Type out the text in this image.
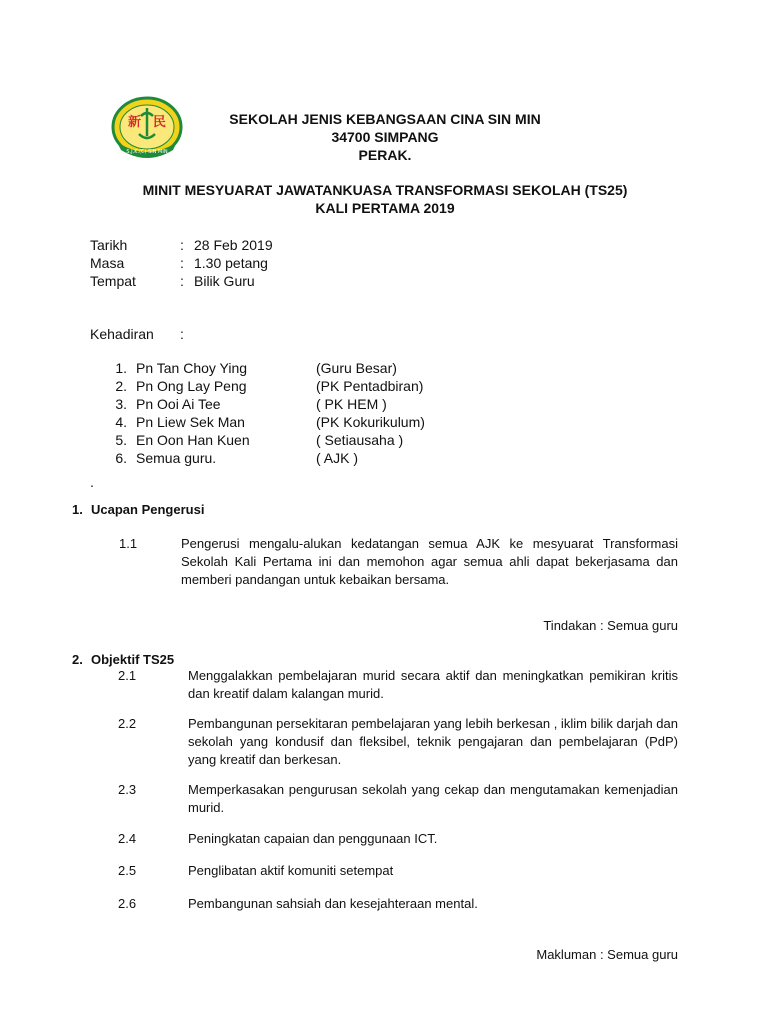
新 民
S.J.K.(C) SIN MIN
SEKOLAH JENIS KEBANGSAAN CINA SIN MIN
34700 SIMPANG
PERAK.
MINIT MESYUARAT JAWATANKUASA TRANSFORMASI SEKOLAH (TS25)
KALI PERTAMA 2019
Tarikh	: 28 Feb 2019
Masa	: 1.30 petang
Tempat	: Bilik Guru
Kehadiran :
1. Pn Tan Choy Ying	(Guru Besar)
2. Pn Ong Lay Peng	(PK Pentadbiran)
3. Pn Ooi Ai Tee	( PK HEM )
4. Pn Liew Sek Man	(PK Kokurikulum)
5. En Oon Han Kuen	( Setiausaha )
6. Semua guru.	( AJK )
.
1. Ucapan Pengerusi
1.1	Pengerusi mengalu-alukan kedatangan semua AJK ke mesyuarat Transformasi Sekolah Kali Pertama ini dan memohon agar semua ahli dapat bekerjasama dan memberi pandangan untuk kebaikan bersama.
Tindakan : Semua guru
2. Objektif TS25
2.1	Menggalakkan pembelajaran murid secara aktif dan meningkatkan pemikiran kritis dan kreatif dalam kalangan murid.
2.2	Pembangunan persekitaran pembelajaran yang lebih berkesan , iklim bilik darjah dan sekolah yang kondusif dan fleksibel, teknik pengajaran dan pembelajaran (PdP) yang kreatif dan berkesan.
2.3	Memperkasakan pengurusan sekolah yang cekap dan mengutamakan kemenjadian murid.
2.4	Peningkatan capaian dan penggunaan ICT.
2.5	Penglibatan aktif komuniti setempat
2.6	Pembangunan sahsiah dan kesejahteraan mental.
Makluman : Semua guru
